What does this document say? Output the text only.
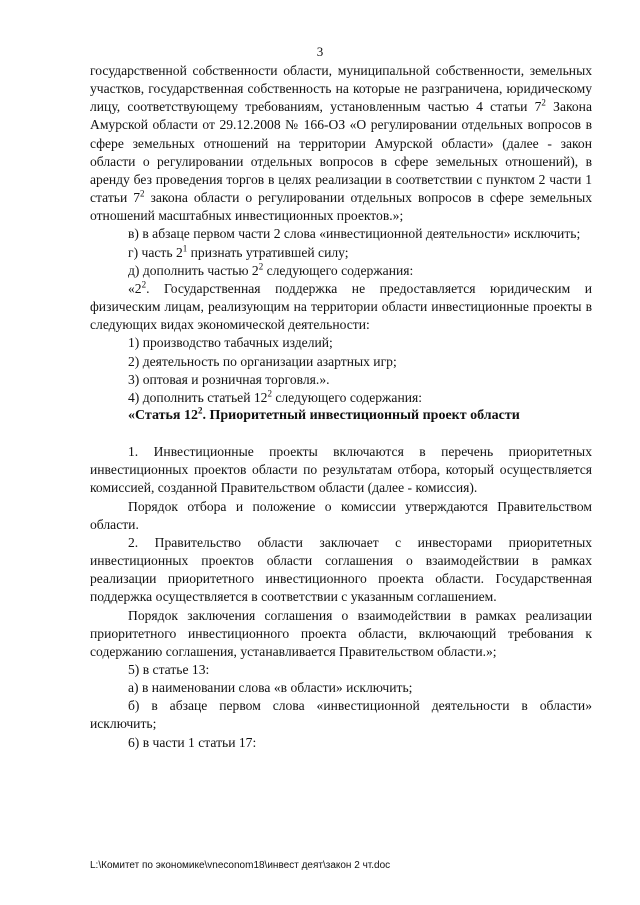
3

государственной собственности области, муниципальной собственности, земельных участков, государственная собственность на которые не разграничена, юридическому лицу, соответствующему требованиям, установленным частью 4 статьи $7^2$ Закона Амурской области от 29.12.2008 № 166-ОЗ «О регулировании отдельных вопросов в сфере земельных отношений на территории Амурской области» (далее - закон области о регулировании отдельных вопросов в сфере земельных отношений), в аренду без проведения торгов в целях реализации в соответствии с пунктом 2 части 1 статьи $7^2$ закона области о регулировании отдельных вопросов в сфере земельных отношений масштабных инвестиционных проектов.»;

в) в абзаце первом части 2 слова «инвестиционной деятельности» исключить;

г) часть $2^1$ признать утратившей силу;

д) дополнить частью $2^2$ следующего содержания:

«$2^2$. Государственная поддержка не предоставляется юридическим и физическим лицам, реализующим на территории области инвестиционные проекты в следующих видах экономической деятельности:

1) производство табачных изделий;

2) деятельность по организации азартных игр;

3) оптовая и розничная торговля.».

4) дополнить статьей $12^2$ следующего содержания:

«Статья $12^2$. Приоритетный инвестиционный проект области

1. Инвестиционные проекты включаются в перечень приоритетных инвестиционных проектов области по результатам отбора, который осуществляется комиссией, созданной Правительством области (далее - комиссия).

Порядок отбора и положение о комиссии утверждаются Правительством области.

2. Правительство области заключает с инвесторами приоритетных инвестиционных проектов области соглашения о взаимодействии в рамках реализации приоритетного инвестиционного проекта области. Государственная поддержка осуществляется в соответствии с указанным соглашением.

Порядок заключения соглашения о взаимодействии в рамках реализации приоритетного инвестиционного проекта области, включающий требования к содержанию соглашения, устанавливается Правительством области.»;

5) в статье 13:

а) в наименовании слова «в области» исключить;

б) в абзаце первом слова «инвестиционной деятельности в области» исключить;

6) в части 1 статьи 17:

L:\Комитет по экономике\vneconom18\инвест деят\закон 2 чт.doc
